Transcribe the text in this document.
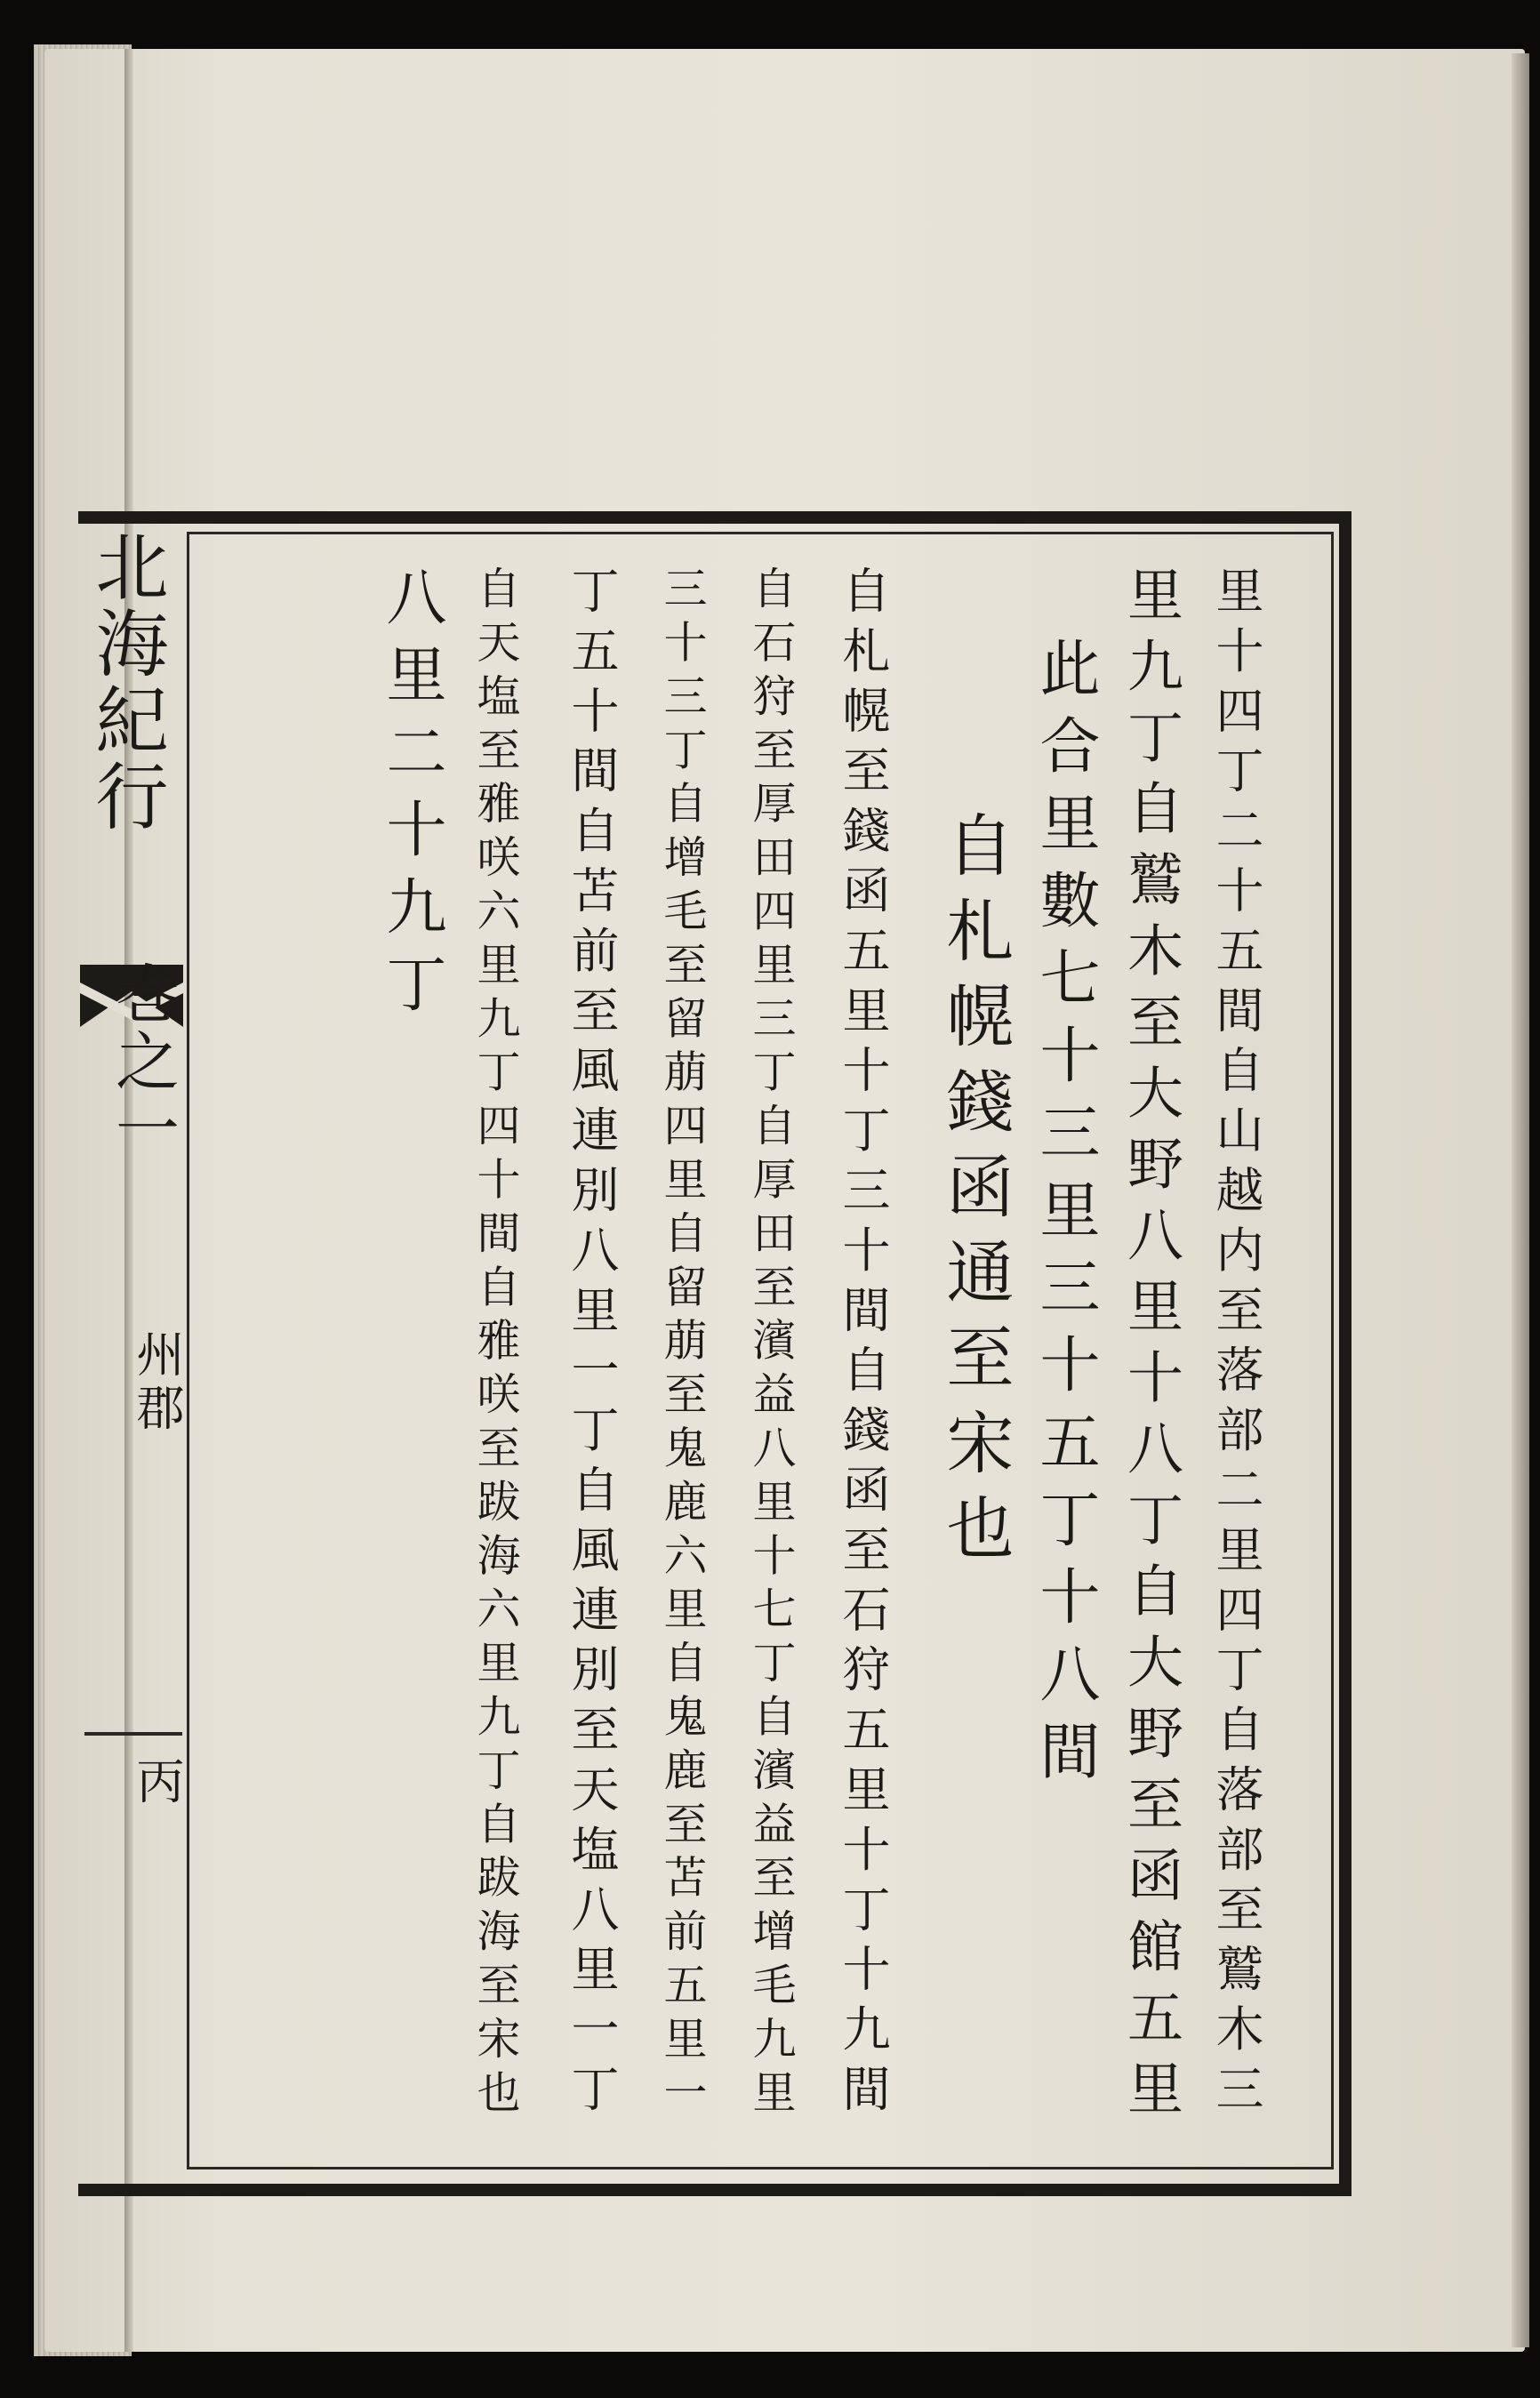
北海紀行
巻之一
州郡
丙	里十四丁二十五間自山越内至落部二里四丁自落部至鷲木三
里九丁自鷲木至大野八里十八丁自大野至函館五里
此合里數七十三里三十五丁十八間
自札幌錢函通至宋也
自札幌至錢函五里十丁三十間自錢函至石狩五里十丁十九間
自石狩至厚田四里三丁自厚田至濱益八里十七丁自濱益至增毛九里
三十三丁自增毛至留萠四里自留萠至鬼鹿六里自鬼鹿至苫前五里一
丁五十間自苫前至風連別八里一丁自風連別至天塩八里一丁
自天塩至雅咲六里九丁四十間自雅咲至跋海六里九丁自跋海至宋也
八里二十九丁
